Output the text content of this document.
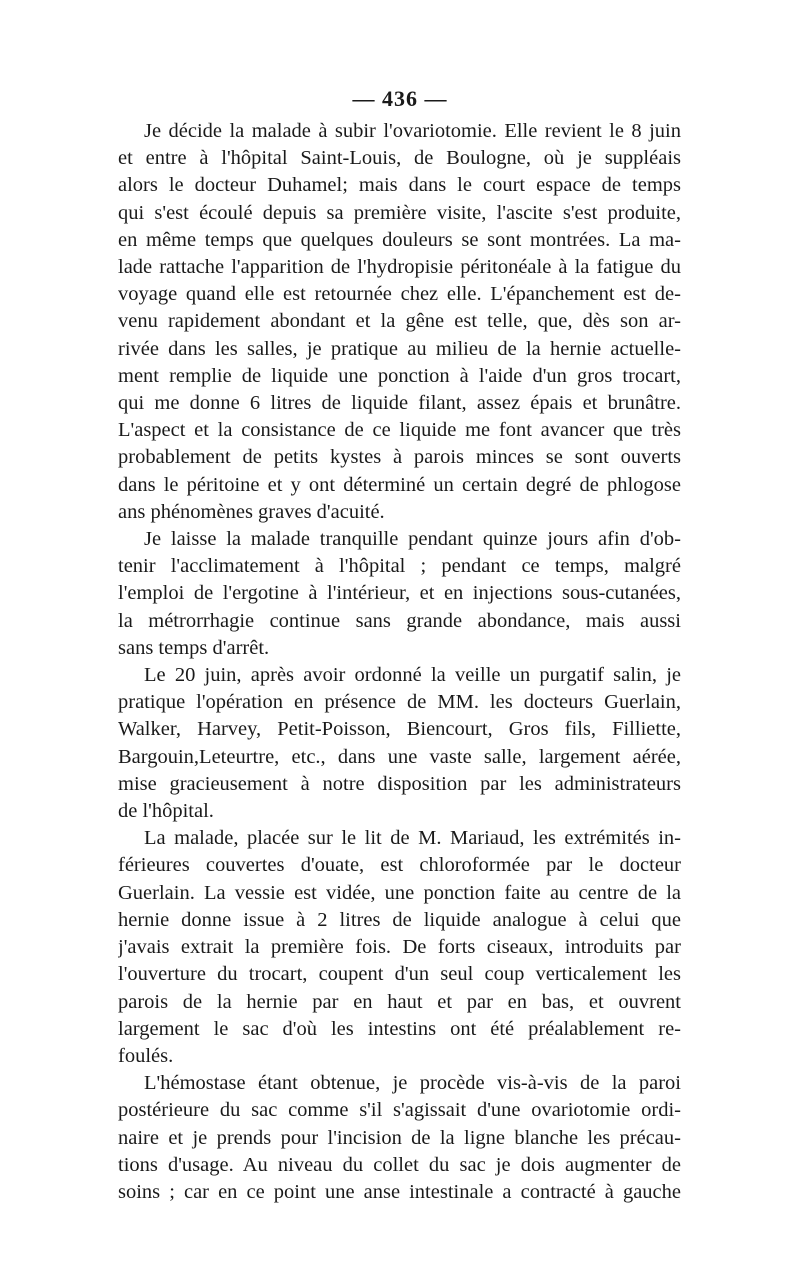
— 436 —
Je décide la malade à subir l'ovariotomie. Elle revient le 8 juin
et entre à l'hôpital Saint-Louis, de Boulogne, où je suppléais
alors le docteur Duhamel; mais dans le court espace de temps
qui s'est écoulé depuis sa première visite, l'ascite s'est produite,
en même temps que quelques douleurs se sont montrées. La ma-
lade rattache l'apparition de l'hydropisie péritonéale à la fatigue du
voyage quand elle est retournée chez elle. L'épanchement est de-
venu rapidement abondant et la gêne est telle, que, dès son ar-
rivée dans les salles, je pratique au milieu de la hernie actuelle-
ment remplie de liquide une ponction à l'aide d'un gros trocart,
qui me donne 6 litres de liquide filant, assez épais et brunâtre.
L'aspect et la consistance de ce liquide me font avancer que très
probablement de petits kystes à parois minces se sont ouverts
dans le péritoine et y ont déterminé un certain degré de phlogose
ans phénomènes graves d'acuité.
Je laisse la malade tranquille pendant quinze jours afin d'ob-
tenir l'acclimatement à l'hôpital ; pendant ce temps, malgré
l'emploi de l'ergotine à l'intérieur, et en injections sous-cutanées,
la métrorrhagie continue sans grande abondance, mais aussi
sans temps d'arrêt.
Le 20 juin, après avoir ordonné la veille un purgatif salin, je
pratique l'opération en présence de MM. les docteurs Guerlain,
Walker, Harvey, Petit-Poisson, Biencourt, Gros fils, Filliette,
Bargouin,Leteurtre, etc., dans une vaste salle, largement aérée,
mise gracieusement à notre disposition par les administrateurs
de l'hôpital.
La malade, placée sur le lit de M. Mariaud, les extrémités in-
férieures couvertes d'ouate, est chloroformée par le docteur
Guerlain. La vessie est vidée, une ponction faite au centre de la
hernie donne issue à 2 litres de liquide analogue à celui que
j'avais extrait la première fois. De forts ciseaux, introduits par
l'ouverture du trocart, coupent d'un seul coup verticalement les
parois de la hernie par en haut et par en bas, et ouvrent
largement le sac d'où les intestins ont été préalablement re-
foulés.
L'hémostase étant obtenue, je procède vis-à-vis de la paroi
postérieure du sac comme s'il s'agissait d'une ovariotomie ordi-
naire et je prends pour l'incision de la ligne blanche les précau-
tions d'usage. Au niveau du collet du sac je dois augmenter de
soins ; car en ce point une anse intestinale a contracté à gauche
